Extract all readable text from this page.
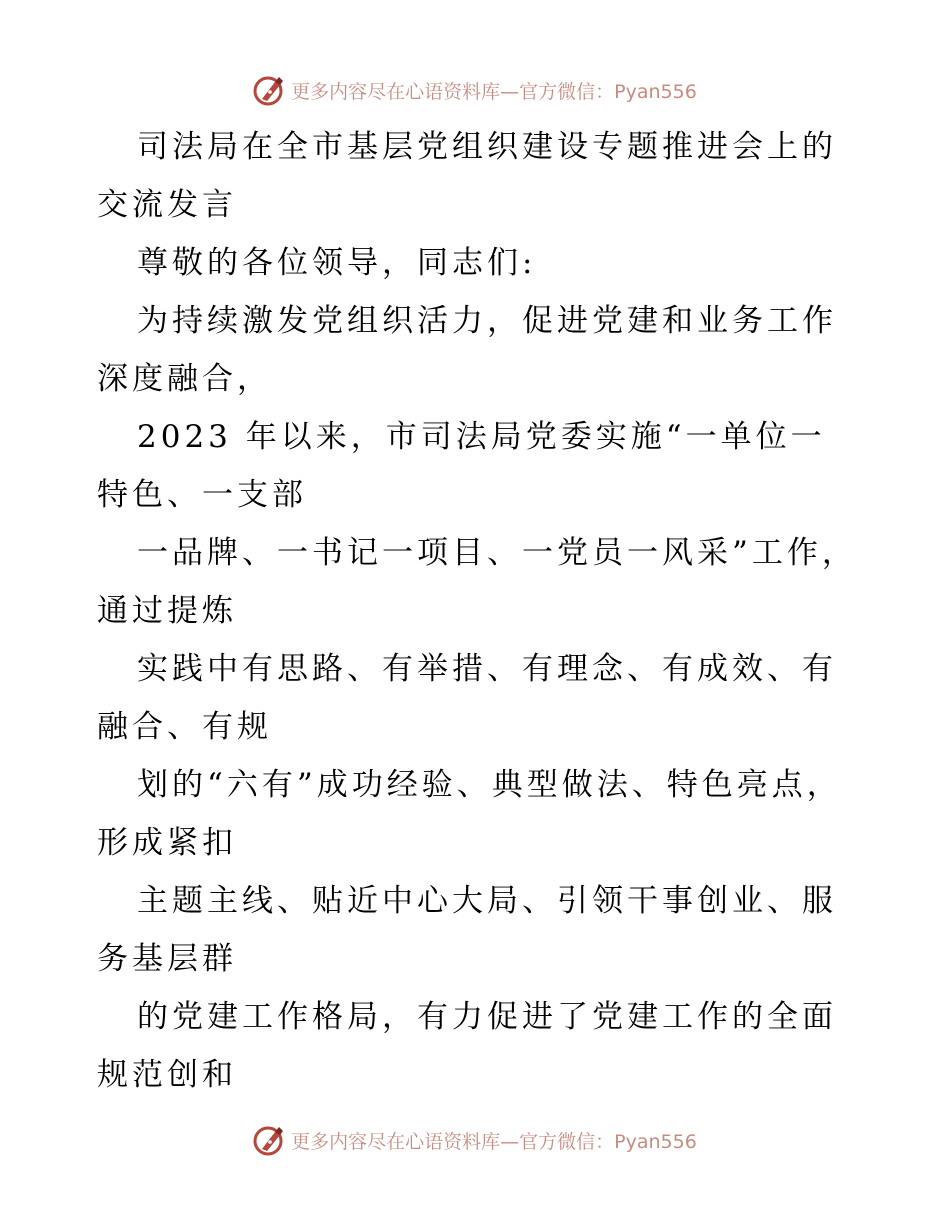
更多内容尽在心语资料库—官方微信：Pyan556

司法局在全市基层党组织建设专题推进会上的交流发言

尊敬的各位领导，同志们:

为持续激发党组织活力，促进党建和业务工作深度融合，

2023 年以来，市司法局党委实施“一单位一特色、一支部

一品牌、一书记一项目、一党员一风采”工作，通过提炼

实践中有思路、有举措、有理念、有成效、有融合、有规

划的“六有”成功经验、典型做法、特色亮点，形成紧扣

主题主线、贴近中心大局、引领干事创业、服务基层群

的党建工作格局，有力促进了党建工作的全面规范创和

更多内容尽在心语资料库—官方微信：Pyan556
